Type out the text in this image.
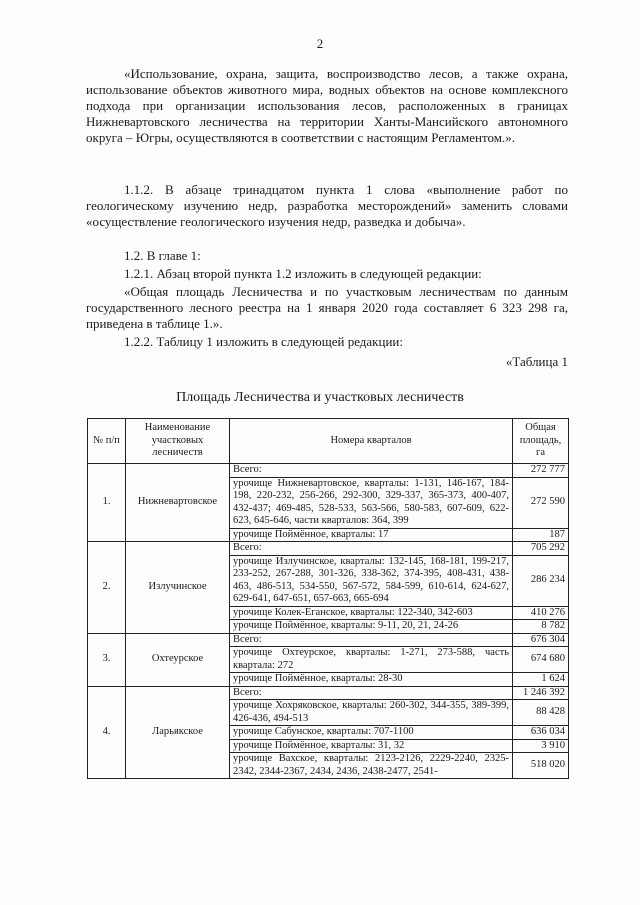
2
«Использование, охрана, защита, воспроизводство лесов, а также охрана, использование объектов животного мира, водных объектов на основе комплексного подхода при организации использования лесов, расположенных в границах Нижневартовского лесничества на территории Ханты-Мансийского автономного округа – Югры, осуществляются в соответствии с настоящим Регламентом.».
1.1.2. В абзаце тринадцатом пункта 1 слова «выполнение работ по геологическому изучению недр, разработка месторождений» заменить словами «осуществление геологического изучения недр, разведка и добыча».
1.2. В главе 1:
1.2.1. Абзац второй пункта 1.2 изложить в следующей редакции:
«Общая площадь Лесничества и по участковым лесничествам по данным государственного лесного реестра на 1 января 2020 года составляет 6 323 298 га, приведена в таблице 1.».
1.2.2. Таблицу 1 изложить в следующей редакции:
«Таблица 1
Площадь Лесничества и участковых лесничеств
№ п/п	Наименование участковых лесничеств	Номера кварталов	Общая площадь, га
1.	Нижневартовское	Всего:	272 777
		урочище Нижневартовское, кварталы: 1-131, 146-167, 184-198, 220-232, 256-266, 292-300, 329-337, 365-373, 400-407, 432-437; 469-485, 528-533, 563-566, 580-583, 607-609, 622-623, 645-646, части кварталов: 364, 399	272 590
		урочище Поймённое, кварталы: 17	187
2.	Излучинское	Всего:	705 292
		урочище Излучинское, кварталы: 132-145, 168-181, 199-217, 233-252, 267-288, 301-326, 338-362, 374-395, 408-431, 438-463, 486-513, 534-550, 567-572, 584-599, 610-614, 624-627, 629-641, 647-651, 657-663, 665-694	286 234
		урочище Колек-Еганское, кварталы: 122-340, 342-603	410 276
		урочище Поймённое, кварталы: 9-11, 20, 21, 24-26	8 782
3.	Охтеурское	Всего:	676 304
		урочище Охтеурское, кварталы: 1-271, 273-588, часть квартала: 272	674 680
		урочище Поймённое, кварталы: 28-30	1 624
4.	Ларьякское	Всего:	1 246 392
		урочище Хохряковское, кварталы: 260-302, 344-355, 389-399, 426-436, 494-513	88 428
		урочище Сабунское, кварталы: 707-1100	636 034
		урочище Поймённое, кварталы: 31, 32	3 910
		урочище Вахское, кварталы: 2123-2126, 2229-2240, 2325-2342, 2344-2367, 2434, 2436, 2438-2477, 2541-	518 020
